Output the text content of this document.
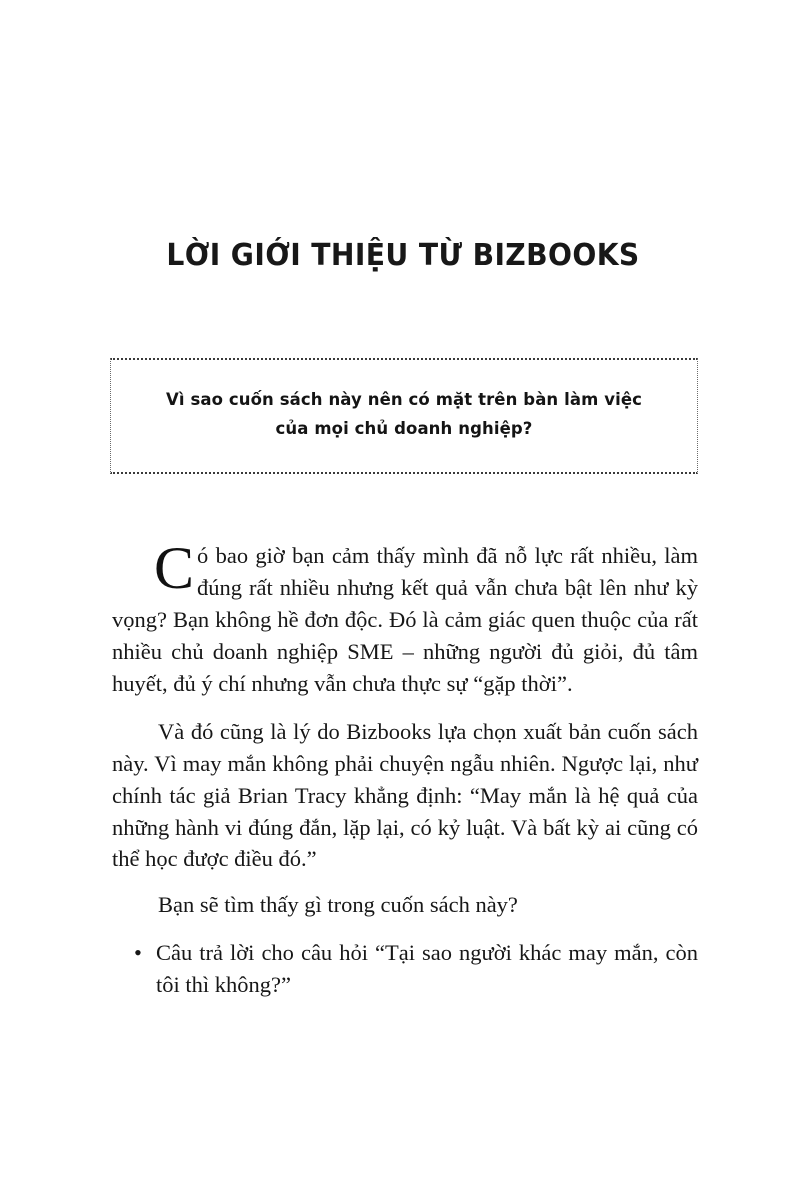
LỜI GIỚI THIỆU TỪ BIZBOOKS
Vì sao cuốn sách này nên có mặt trên bàn làm việc
của mọi chủ doanh nghiệp?

Có bao giờ bạn cảm thấy mình đã nỗ lực rất nhiều, làm đúng rất nhiều nhưng kết quả vẫn chưa bật lên như kỳ vọng? Bạn không hề đơn độc. Đó là cảm giác quen thuộc của rất nhiều chủ doanh nghiệp SME – những người đủ giỏi, đủ tâm huyết, đủ ý chí nhưng vẫn chưa thực sự “gặp thời”.

Và đó cũng là lý do Bizbooks lựa chọn xuất bản cuốn sách này. Vì may mắn không phải chuyện ngẫu nhiên. Ngược lại, như chính tác giả Brian Tracy khẳng định: “May mắn là hệ quả của những hành vi đúng đắn, lặp lại, có kỷ luật. Và bất kỳ ai cũng có thể học được điều đó.”

Bạn sẽ tìm thấy gì trong cuốn sách này?

• Câu trả lời cho câu hỏi “Tại sao người khác may mắn, còn tôi thì không?”
